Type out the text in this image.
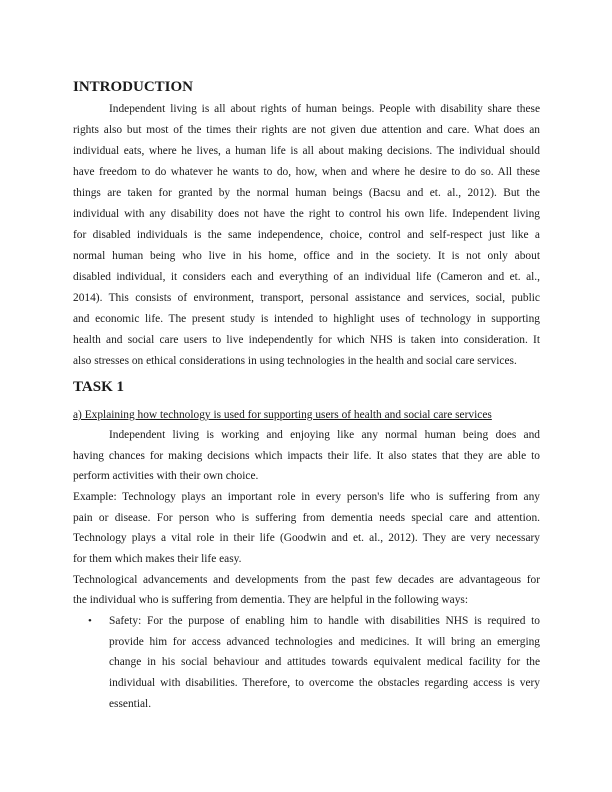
INTRODUCTION
Independent living is all about rights of human beings. People with disability share these
rights also but most of the times their rights are not given due attention and care. What does an
individual eats, where he lives, a human life is all about making decisions. The individual should
have freedom to do whatever he wants to do, how, when and where he desire to do so. All these
things are taken for granted by the normal human beings (Bacsu and et. al., 2012). But the
individual with any disability does not have the right to control his own life. Independent living
for disabled individuals is the same independence, choice, control and self-respect just like a
normal human being who live in his home, office and in the society. It is not only about
disabled individual, it considers each and everything of an individual life (Cameron and et. al.,
2014). This consists of environment, transport, personal assistance and services, social, public
and economic life. The present study is intended to highlight uses of technology in supporting
health and social care users to live independently for which NHS is taken into consideration. It
also stresses on ethical considerations in using technologies in the health and social care services.
TASK 1
a) Explaining how technology is used for supporting users of health and social care services
Independent living is working and enjoying like any normal human being does and
having chances for making decisions which impacts their life. It also states that they are able to
perform activities with their own choice.
Example: Technology plays an important role in every person's life who is suffering from any
pain or disease. For person who is suffering from dementia needs special care and attention.
Technology plays a vital role in their life (Goodwin and et. al., 2012). They are very necessary
for them which makes their life easy.
Technological advancements and developments from the past few decades are advantageous for
the individual who is suffering from dementia. They are helpful in the following ways:
• Safety: For the purpose of enabling him to handle with disabilities NHS is required to
provide him for access advanced technologies and medicines. It will bring an emerging
change in his social behaviour and attitudes towards equivalent medical facility for the
individual with disabilities. Therefore, to overcome the obstacles regarding access is very
essential.
